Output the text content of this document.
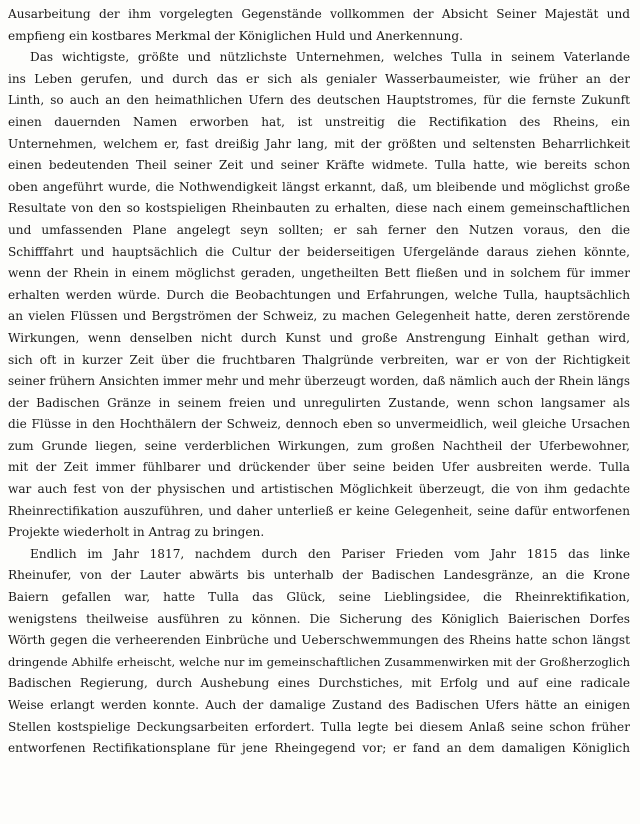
Ausarbeitung der ihm vorgelegten Gegenstände vollkommen der Absicht Seiner Majestät und
empfieng ein kostbares Merkmal der Königlichen Huld und Anerkennung.
Das wichtigste, größte und nützlichste Unternehmen, welches Tulla in seinem Vaterlande
ins Leben gerufen, und durch das er sich als genialer Wasserbaumeister, wie früher an der
Linth, so auch an den heimathlichen Ufern des deutschen Hauptstromes, für die fernste Zukunft
einen dauernden Namen erworben hat, ist unstreitig die Rectifikation des Rheins, ein
Unternehmen, welchem er, fast dreißig Jahr lang, mit der größten und seltensten Beharrlichkeit
einen bedeutenden Theil seiner Zeit und seiner Kräfte widmete. Tulla hatte, wie bereits schon
oben angeführt wurde, die Nothwendigkeit längst erkannt, daß, um bleibende und möglichst große
Resultate von den so kostspieligen Rheinbauten zu erhalten, diese nach einem gemeinschaftlichen
und umfassenden Plane angelegt seyn sollten; er sah ferner den Nutzen voraus, den die
Schifffahrt und hauptsächlich die Cultur der beiderseitigen Ufergelände daraus ziehen könnte,
wenn der Rhein in einem möglichst geraden, ungetheilten Bett fließen und in solchem für immer
erhalten werden würde. Durch die Beobachtungen und Erfahrungen, welche Tulla, hauptsächlich
an vielen Flüssen und Bergströmen der Schweiz, zu machen Gelegenheit hatte, deren zerstörende
Wirkungen, wenn denselben nicht durch Kunst und große Anstrengung Einhalt gethan wird,
sich oft in kurzer Zeit über die fruchtbaren Thalgründe verbreiten, war er von der Richtigkeit
seiner frühern Ansichten immer mehr und mehr überzeugt worden, daß nämlich auch der Rhein längs
der Badischen Gränze in seinem freien und unregulirten Zustande, wenn schon langsamer als
die Flüsse in den Hochthälern der Schweiz, dennoch eben so unvermeidlich, weil gleiche Ursachen
zum Grunde liegen, seine verderblichen Wirkungen, zum großen Nachtheil der Uferbewohner,
mit der Zeit immer fühlbarer und drückender über seine beiden Ufer ausbreiten werde. Tulla
war auch fest von der physischen und artistischen Möglichkeit überzeugt, die von ihm gedachte
Rheinrectifikation auszuführen, und daher unterließ er keine Gelegenheit, seine dafür entworfenen
Projekte wiederholt in Antrag zu bringen.
Endlich im Jahr 1817, nachdem durch den Pariser Frieden vom Jahr 1815 das linke
Rheinufer, von der Lauter abwärts bis unterhalb der Badischen Landesgränze, an die Krone
Baiern gefallen war, hatte Tulla das Glück, seine Lieblingsidee, die Rheinrektifikation,
wenigstens theilweise ausführen zu können. Die Sicherung des Königlich Baierischen Dorfes
Wörth gegen die verheerenden Einbrüche und Ueberschwemmungen des Rheins hatte schon längst
dringende Abhilfe erheischt, welche nur im gemeinschaftlichen Zusammenwirken mit der Großherzoglich
Badischen Regierung, durch Aushebung eines Durchstiches, mit Erfolg und auf eine radicale
Weise erlangt werden konnte. Auch der damalige Zustand des Badischen Ufers hätte an einigen
Stellen kostspielige Deckungsarbeiten erfordert. Tulla legte bei diesem Anlaß seine schon früher
entworfenen Rectifikationsplane für jene Rheingegend vor; er fand an dem damaligen Königlich
